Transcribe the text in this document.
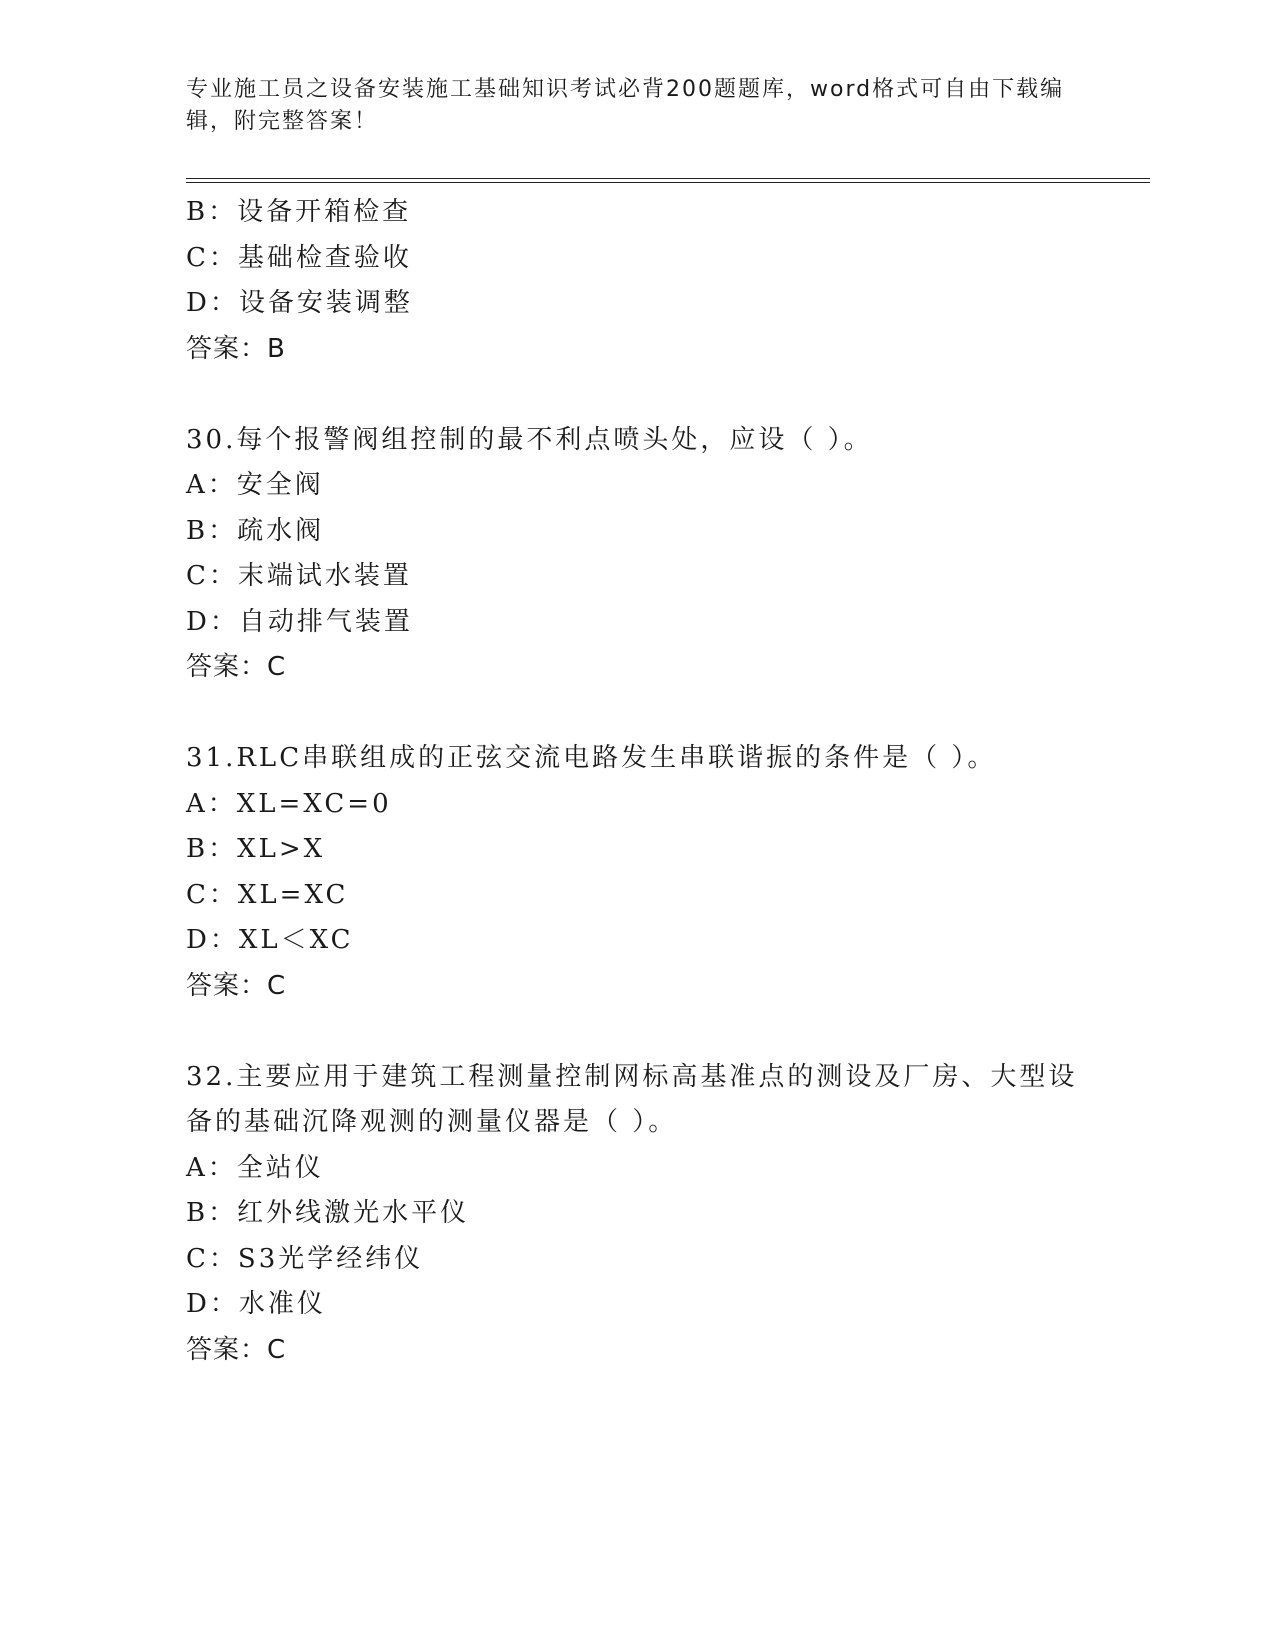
专业施工员之设备安装施工基础知识考试必背200题题库，word格式可自由下载编辑，附完整答案！
B：设备开箱检查
C：基础检查验收
D：设备安装调整
答案：B
30.每个报警阀组控制的最不利点喷头处，应设（ ）。
A：安全阀
B：疏水阀
C：末端试水装置
D：自动排气装置
答案：C
31.RLC串联组成的正弦交流电路发生串联谐振的条件是（ ）。
A：XL=XC=0
B：XL>X
C：XL=XC
D：XL＜XC
答案：C
32.主要应用于建筑工程测量控制网标高基准点的测设及厂房、大型设
备的基础沉降观测的测量仪器是（ ）。
A：全站仪
B：红外线激光水平仪
C：S3光学经纬仪
D：水准仪
答案：C
